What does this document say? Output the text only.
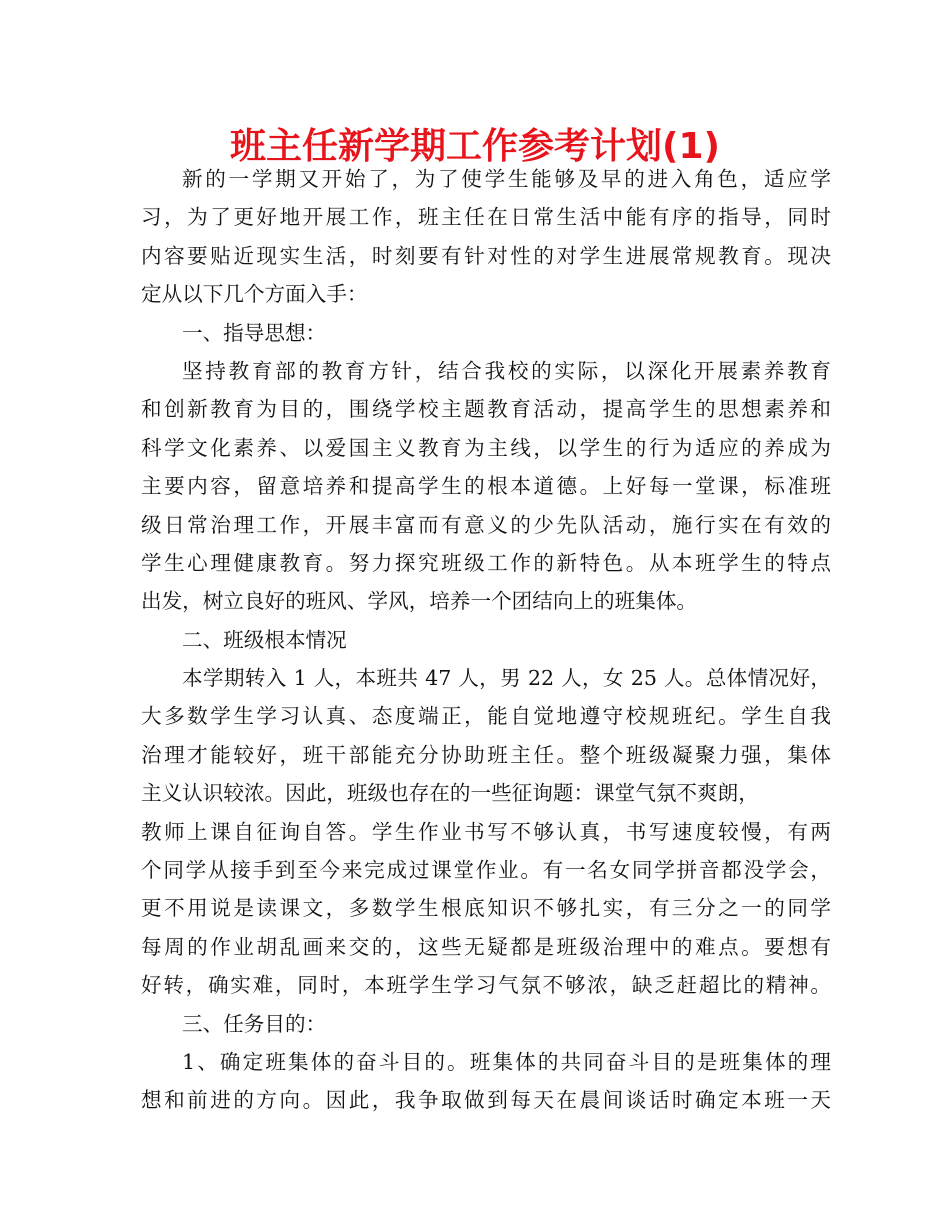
班主任新学期工作参考计划(1)
新的一学期又开始了，为了使学生能够及早的进入角色，适应学
习，为了更好地开展工作，班主任在日常生活中能有序的指导，同时
内容要贴近现实生活，时刻要有针对性的对学生进展常规教育。现决
定从以下几个方面入手：
一、指导思想：
坚持教育部的教育方针，结合我校的实际，以深化开展素养教育
和创新教育为目的，围绕学校主题教育活动，提高学生的思想素养和
科学文化素养、以爱国主义教育为主线，以学生的行为适应的养成为
主要内容，留意培养和提高学生的根本道德。上好每一堂课，标准班
级日常治理工作，开展丰富而有意义的少先队活动，施行实在有效的
学生心理健康教育。努力探究班级工作的新特色。从本班学生的特点
出发，树立良好的班风、学风，培养一个团结向上的班集体。
二、班级根本情况
本学期转入 1 人，本班共 47 人，男 22 人，女 25 人。总体情况好，
大多数学生学习认真、态度端正，能自觉地遵守校规班纪。学生自我
治理才能较好，班干部能充分协助班主任。整个班级凝聚力强，集体
主义认识较浓。因此，班级也存在的一些征询题：课堂气氛不爽朗，
教师上课自征询自答。学生作业书写不够认真，书写速度较慢，有两
个同学从接手到至今来完成过课堂作业。有一名女同学拼音都没学会，
更不用说是读课文，多数学生根底知识不够扎实，有三分之一的同学
每周的作业胡乱画来交的，这些无疑都是班级治理中的难点。要想有
好转，确实难，同时，本班学生学习气氛不够浓，缺乏赶超比的精神。
三、任务目的：
1、确定班集体的奋斗目的。班集体的共同奋斗目的是班集体的理
想和前进的方向。因此，我争取做到每天在晨间谈话时确定本班一天
